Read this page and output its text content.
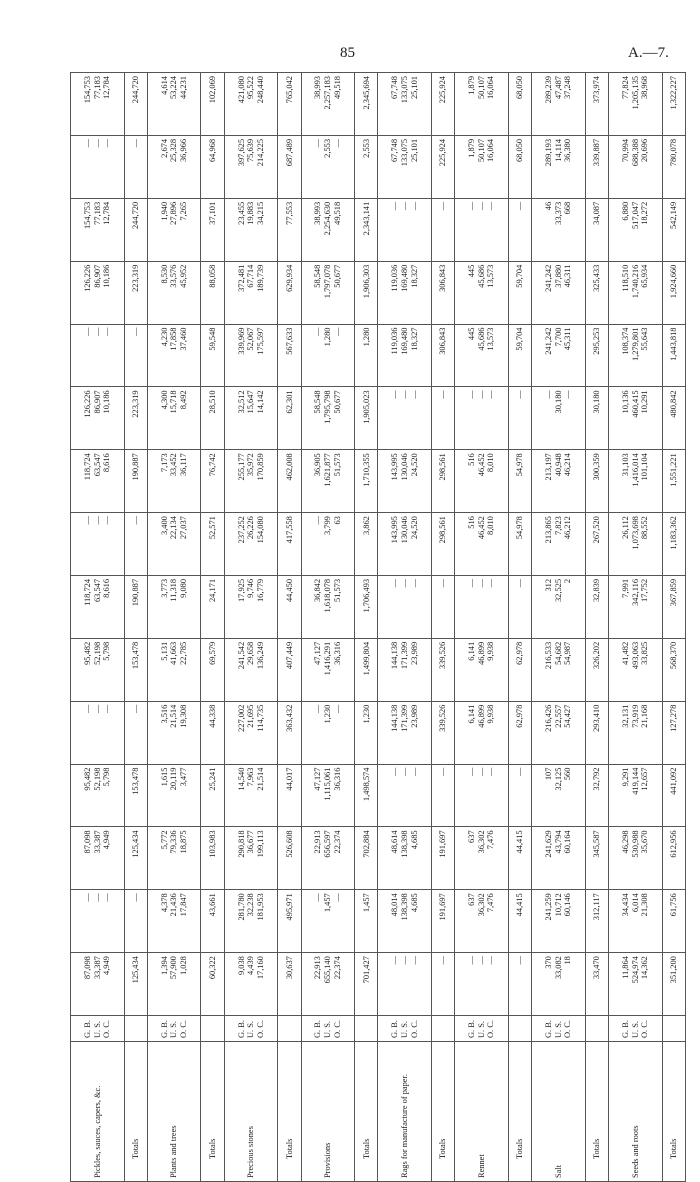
85	A.—7.
Pickles, sauces, capers, &c.	G. B. U. S. O. C.	87,098 33,387 4,949	— — —	87,098 33,387 4,949	95,482 52,198 5,798	— — —	95,482 52,198 5,798	118,724 63,547 8,616	— — —	118,724 63,547 8,616	126,226 86,907 10,186	— — —	126,226 86,907 10,186	154,753 77,183 12,784	— — —	154,753 77,183 12,784

Totals		125,434	—	125,434	153,478	—	153,478	190,887	—	190,887	223,319	—	223,319	244,720	—	244,720
Plants and trees	G. B. U. S. O. C.	1,394 57,900 1,028	4,378 21,436 17,847	5,772 79,336 18,875	1,615 20,119 3,477	3,516 21,514 19,308	5,131 41,663 22,785	3,773 11,318 9,080	3,400 22,134 27,037	7,173 33,452 36,117	4,300 15,718 8,492	4,230 17,858 37,460	8,530 33,576 45,952	1,940 27,896 7,265	2,674 25,328 36,966	4,614 53,224 44,231

Totals		60,322	43,661	103,983	25,241	44,338	69,579	24,171	52,571	76,742	28,510	59,548	88,058	37,101	64,968	102,069
Precious stones	G. B. U. S. O. C.	9,038 4,439 17,160	281,780 32,238 181,953	290,818 36,677 199,113	14,540 7,963 21,514	227,002 21,695 114,735	241,542 29,658 136,249	17,925 9,746 16,779	237,252 26,226 154,080	255,177 35,972 170,859	32,512 15,647 14,142	339,969 52,067 175,597	372,481 67,714 189,739	23,455 19,883 34,215	397,625 75,639 214,225	421,080 95,522 248,440

Totals		30,637	495,971	526,608	44,017	363,432	407,449	44,450	417,558	462,008	62,301	567,633	629,934	77,553	687,489	765,042
Provisions	G. B. U. S. O. C.	22,913 655,140 22,374	— 1,457 —	22,913 656,597 22,374	47,127 1,115,061 36,316	— 1,230 —	47,127 1,416,291 36,316	36,842 1,618,078 51,573	— 3,799 63	36,905 1,621,877 51,573	58,548 1,795,798 50,677	— 1,280 —	58,548 1,797,078 50,677	38,993 2,254,630 49,518	— 2,553 —	38,993 2,257,183 49,518

Totals		701,427	1,457	702,884	1,498,574	1,230	1,499,804	1,706,493	3,862	1,710,355	1,905,023	1,280	1,906,303	2,343,141	2,553	2,345,694
Rags for manufacture of paper.	G. B. U. S. O. C.	— — —	48,014 138,398 4,685	48,614 138,398 4,685	— — —	144,138 171,399 23,989	144,138 171,399 23,989	— — —	143,995 130,046 24,520	143,995 130,046 24,520	— — —	119,036 169,480 18,327	119,036 169,480 18,327	— — —	67,748 133,075 25,101	67,748 133,075 25,101

Totals		—	191,697	191,697	—	339,526	339,526	—	298,561	298,561	—	306,843	306,843	—	225,924	225,924
Rennet	G. B. U. S. O. C.	— — —	637 36,302 7,476	637 36,302 7,476	— — —	6,141 46,899 9,938	6,141 46,899 9,938	— — —	516 46,452 8,010	516 46,452 8,010	— — —	445 45,686 13,573	445 45,686 13,573	— — —	1,879 50,107 16,064	1,879 50,107 16,064

Totals		—	44,415	44,415	—	62,978	62,978	—	54,978	54,978	—	59,704	59,704	—	68,050	68,050
Salt	G. B. U. S. O. C.	370 33,082 18	241,259 10,712 60,146	241,629 43,794 60,164	107 32,125 560	216,426 22,557 54,427	216,533 54,682 54,987	312 32,525 2	213,865 7,823 46,212	213,197 40,948 46,214	— 30,180 —	241,242 7,700 45,311	241,242 37,880 46,311	46 33,373 668	289,193 14,114 36,380	289,239 47,487 37,248

Totals		33,470	312,117	345,587	32,792	293,410	326,202	32,839	267,520	300,359	30,180	295,253	325,433	34,087	339,887	373,974
Seeds and roots	G. B. U. S. O. C.	11,864 524,974 14,362	34,434 6,014 21,308	46,298 530,988 35,670	9,291 419,144 12,657	32,131 73,919 21,168	41,482 493,063 33,825	7,991 342,116 17,752	26,112 1,073,698 88,552	31,103 1,416,014 101,104	10,136 460,415 10,291	108,374 1,279,801 55,643	118,510 1,740,216 65,934	6,880 517,047 18,272	70,994 688,388 20,696	77,824 1,205,135 38,968

Totals		351,200	61,756	612,956	441,092	127,278	568,370	367,859	1,183,362	1,551,221	480,842	1,443,818	1,924,660	542,149	780,078	1,322,227
